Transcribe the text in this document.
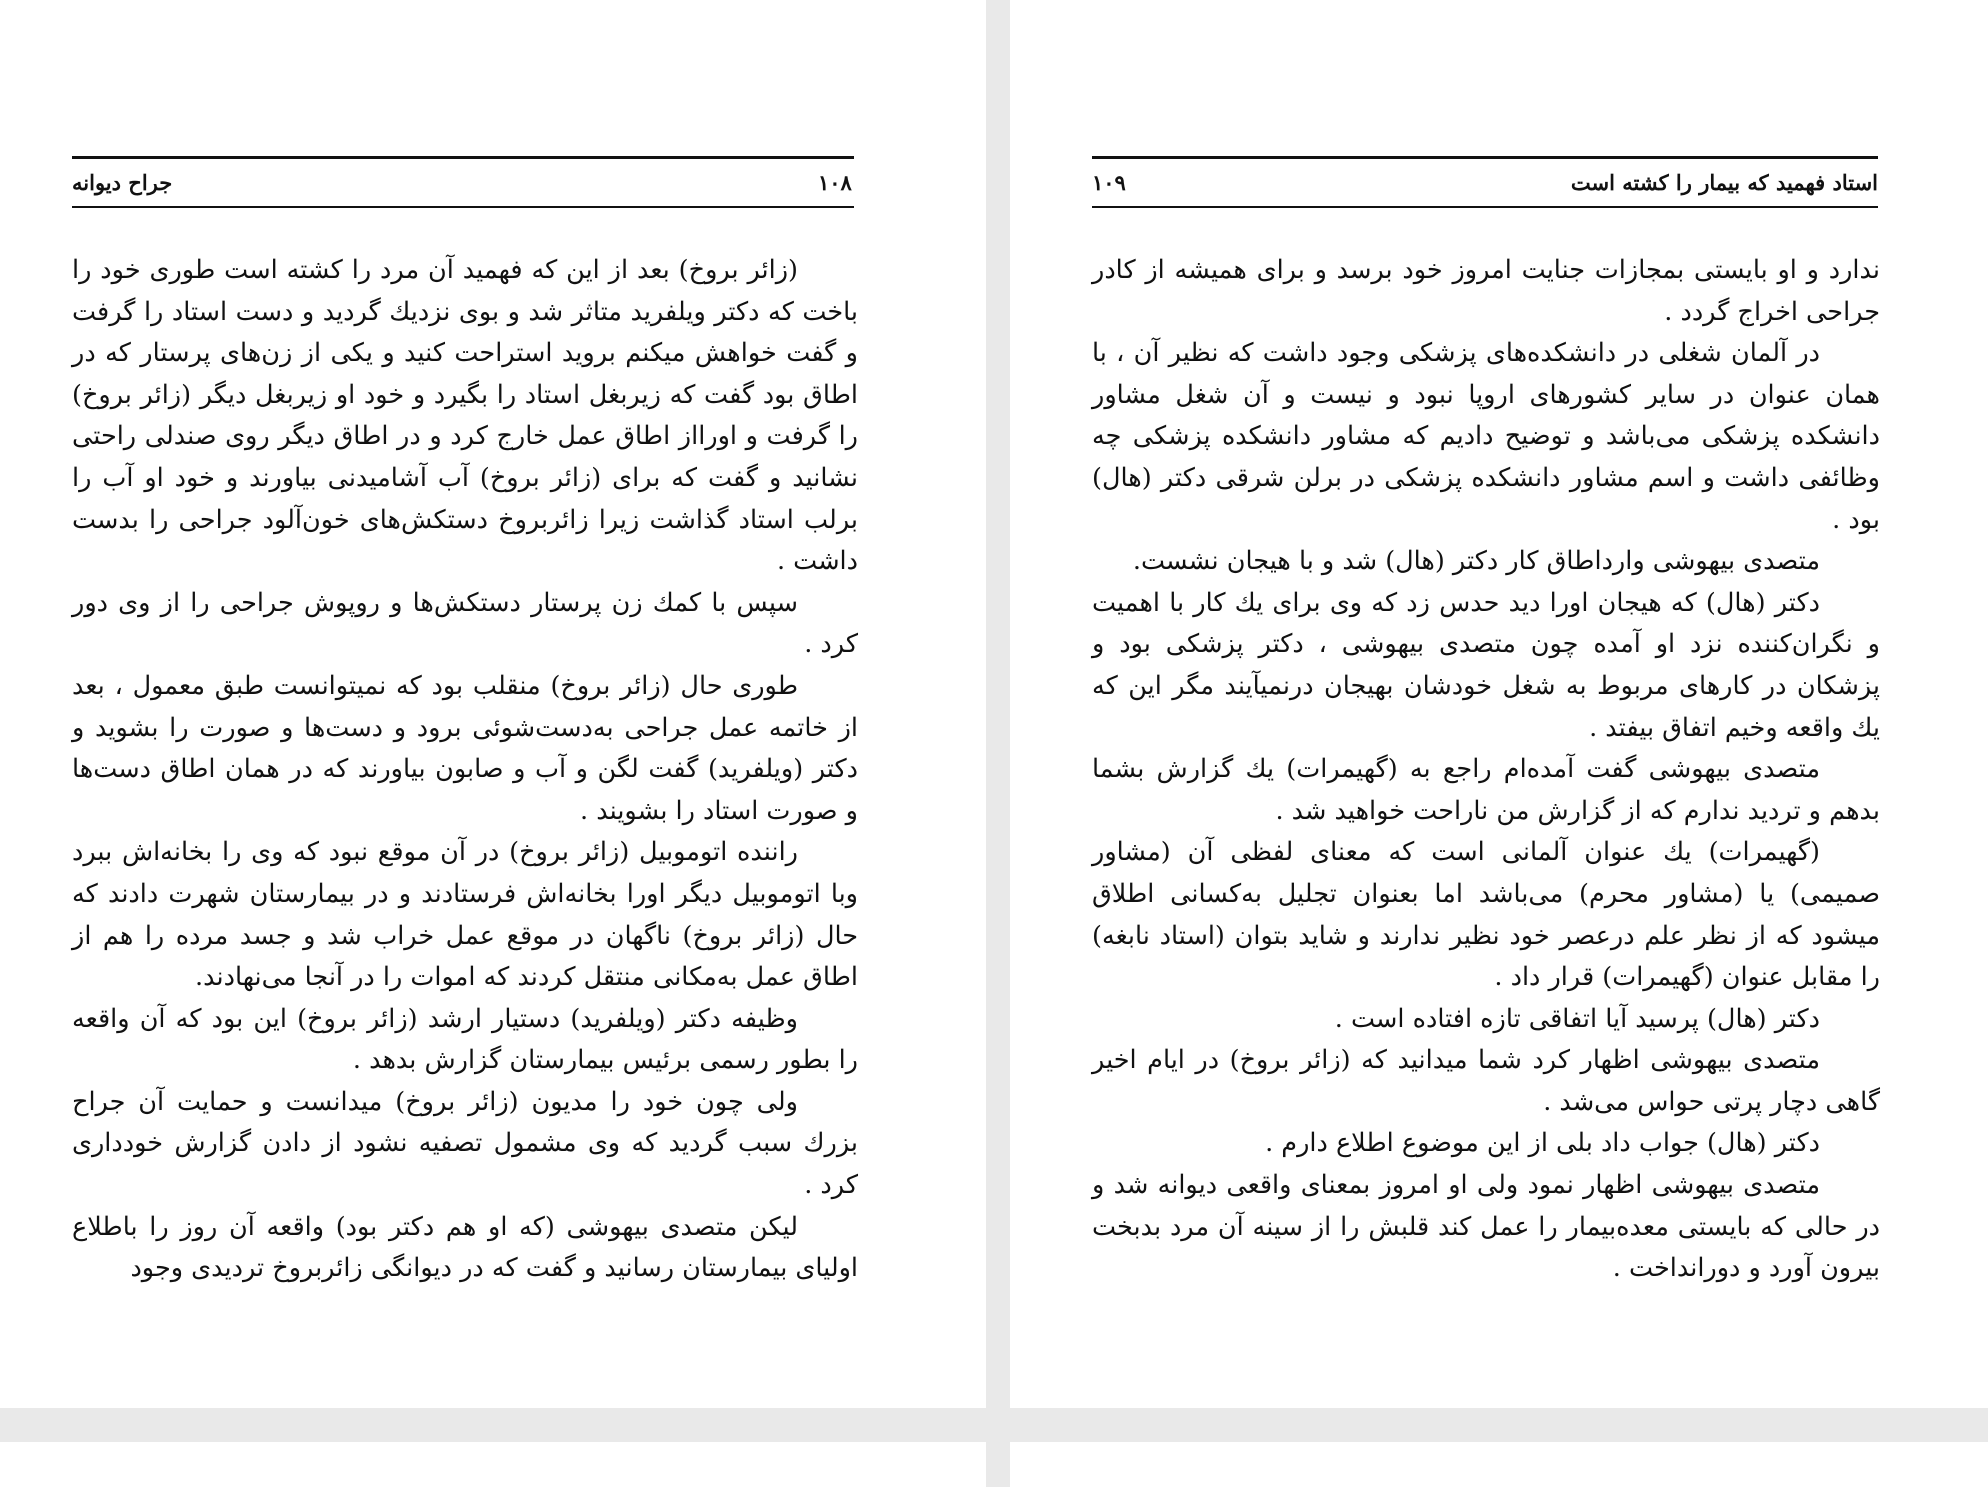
جراح دیوانه	۱۰۸

(زائر بروخ) بعد از این که فهمید آن مرد را کشته است طوری خود را باخت که دکتر ویلفرید متاثر شد و بوی نزدیك گردید و دست استاد را گرفت و گفت خواهش میکنم بروید استراحت کنید و یکی از زن‌های پرستار که در اطاق بود گفت که زیربغل استاد را بگیرد و خود او زیربغل دیگر (زائر بروخ) را گرفت و اورااز اطاق عمل خارج کرد و در اطاق دیگر روی صندلی راحتی نشانید و گفت که برای (زائر بروخ) آب آشامیدنی بیاورند و خود او آب را برلب استاد گذاشت زیرا زائربروخ دستکش‌های خون‌آلود جراحی را بدست داشت .

سپس با کمك زن پرستار دستکش‌ها و روپوش جراحی را از وی دور کرد .

طوری حال (زائر بروخ) منقلب بود که نمیتوانست طبق معمول ، بعد از خاتمه عمل جراحی به‌دست‌شوئی برود و دست‌ها و صورت را بشوید و دکتر (ویلفرید) گفت لگن و آب و صابون بیاورند که در همان اطاق دست‌ها و صورت استاد را بشویند .

راننده اتوموبیل (زائر بروخ) در آن موقع نبود که وی را بخانه‌اش ببرد وبا اتوموبیل دیگر اورا بخانه‌اش فرستادند و در بیمارستان شهرت دادند که حال (زائر بروخ) ناگهان در موقع عمل خراب شد و جسد مرده را هم از اطاق عمل به‌مکانی منتقل کردند که اموات را در آنجا می‌نهادند.

وظیفه دکتر (ویلفرید) دستیار ارشد (زائر بروخ) این بود که آن واقعه را بطور رسمی برئیس بیمارستان گزارش بدهد .

ولی چون خود را مدیون (زائر بروخ) میدانست و حمایت آن جراح بزرك سبب گردید که وی مشمول تصفیه نشود از دادن گزارش خودداری کرد .

لیکن متصدی بیهوشی (که او هم دکتر بود) واقعه آن روز را باطلاع اولیای بیمارستان رسانید و گفت که در دیوانگی زائربروخ تردیدی وجود

۱۰۹	استاد فهمید که بیمار را کشته است

ندارد و او بایستی بمجازات جنایت امروز خود برسد و برای همیشه از کادر جراحی اخراج گردد .

در آلمان شغلی در دانشکده‌های پزشکی وجود داشت که نظیر آن ، با همان عنوان در سایر کشورهای اروپا نبود و نیست و آن شغل مشاور دانشکده پزشکی می‌باشد و توضیح دادیم که مشاور دانشکده پزشکی چه وظائفی داشت و اسم مشاور دانشکده پزشکی در برلن شرقی دکتر (هال) بود .

متصدی بیهوشی وارداطاق کار دکتر (هال) شد و با هیجان نشست.

دکتر (هال) که هیجان اورا دید حدس زد که وی برای یك کار با اهمیت و نگران‌کننده نزد او آمده چون متصدی بیهوشی ، دکتر پزشکی بود و پزشکان در کارهای مربوط به شغل خودشان بهیجان درنمیآیند مگر این که یك واقعه وخیم اتفاق بیفتد .

متصدی بیهوشی گفت آمده‌ام راجع به (گهیمرات) یك گزارش بشما بدهم و تردید ندارم که از گزارش من ناراحت خواهید شد .

(گهیمرات) یك عنوان آلمانی است که معنای لفظی آن (مشاور صمیمی) یا (مشاور محرم) می‌باشد اما بعنوان تجلیل به‌کسانی اطلاق میشود که از نظر علم درعصر خود نظیر ندارند و شاید بتوان (استاد نابغه) را مقابل عنوان (گهیمرات) قرار داد .

دکتر (هال) پرسید آیا اتفاقی تازه افتاده است .

متصدی بیهوشی اظهار کرد شما میدانید که (زائر بروخ) در ایام اخیر گاهی دچار پرتی حواس می‌شد .

دکتر (هال) جواب داد بلی از این موضوع اطلاع دارم .

متصدی بیهوشی اظهار نمود ولی او امروز بمعنای واقعی دیوانه شد و در حالی که بایستی معده‌بیمار را عمل کند قلبش را از سینه آن مرد بدبخت بیرون آورد و دورانداخت .
